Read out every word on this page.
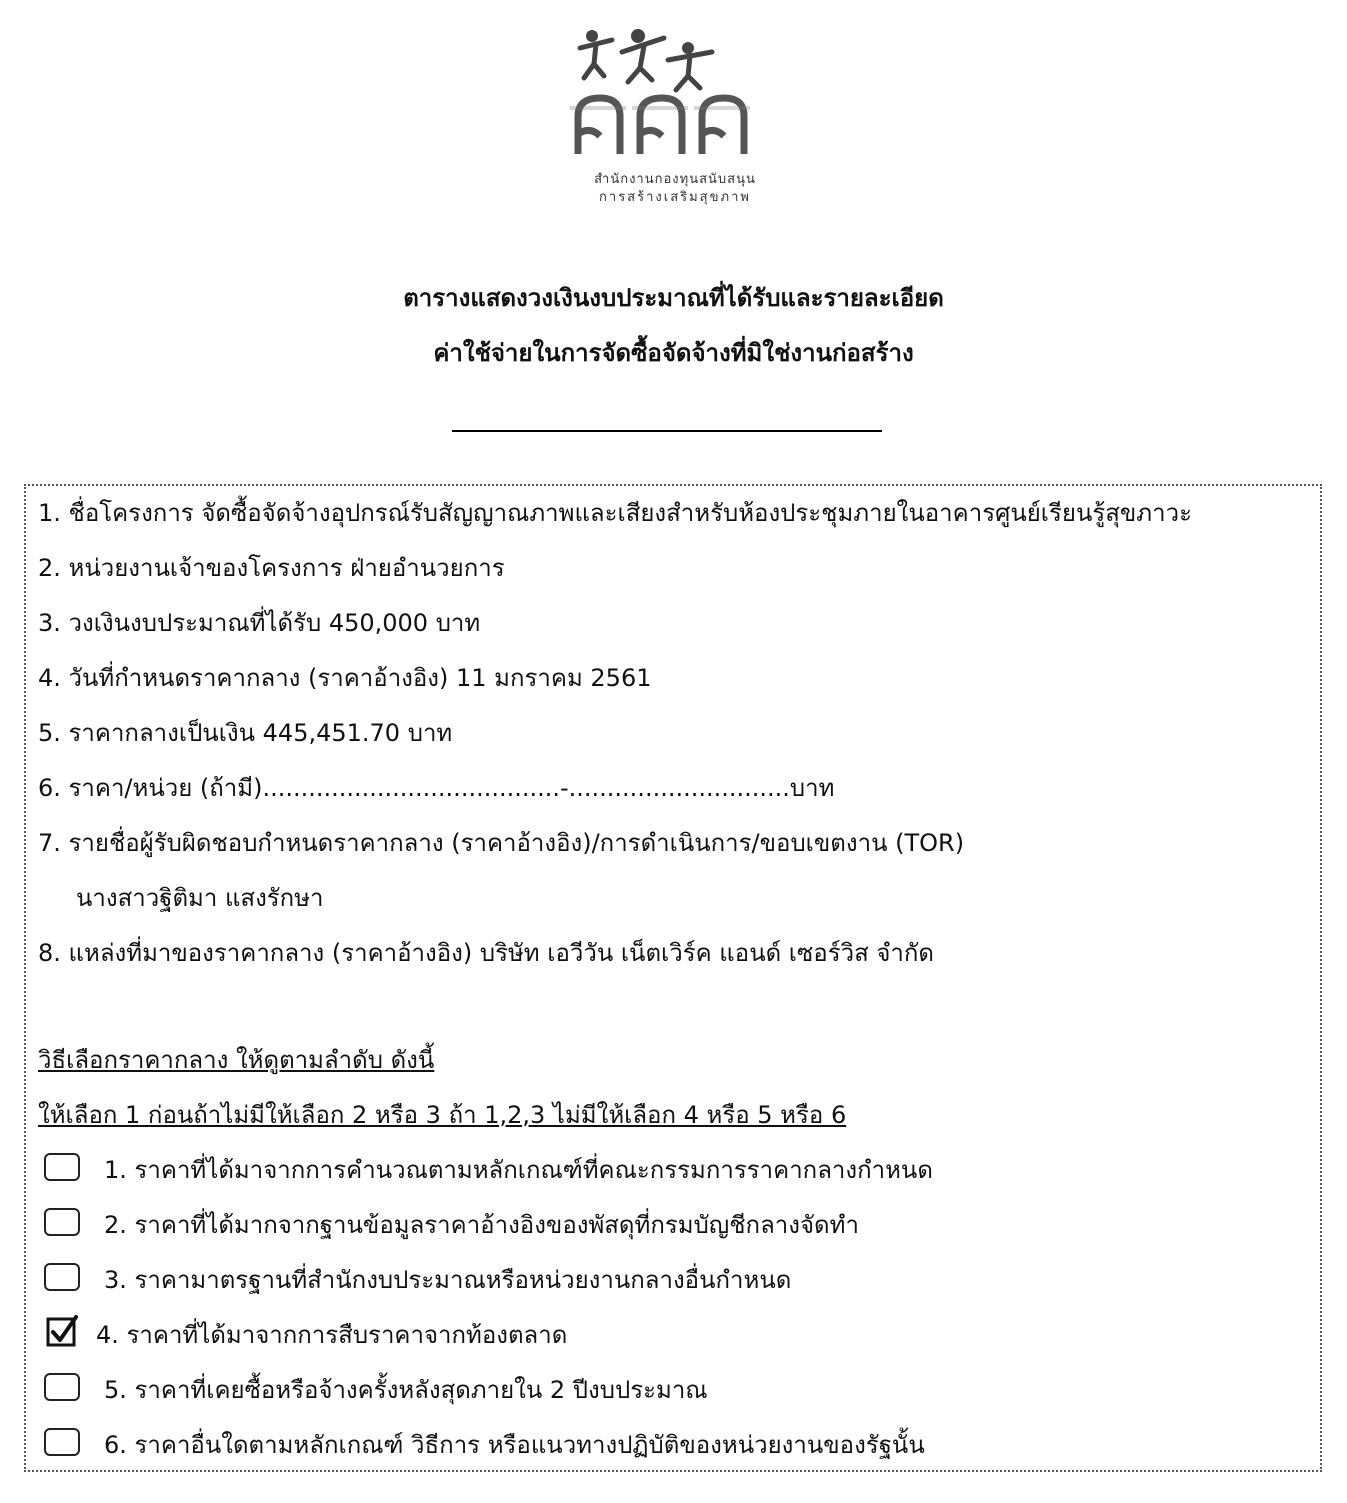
สำนักงานกองทุนสนับสนุน
การสร้างเสริมสุขภาพ
ตารางแสดงวงเงินงบประมาณที่ได้รับและรายละเอียด
ค่าใช้จ่ายในการจัดซื้อจัดจ้างที่มิใช่งานก่อสร้าง
1. ชื่อโครงการ จัดซื้อจัดจ้างอุปกรณ์รับสัญญาณภาพและเสียงสำหรับห้องประชุมภายในอาคารศูนย์เรียนรู้สุขภาวะ
2. หน่วยงานเจ้าของโครงการ ฝ่ายอำนวยการ
3. วงเงินงบประมาณที่ได้รับ 450,000 บาท
4. วันที่กำหนดราคากลาง (ราคาอ้างอิง) 11 มกราคม 2561
5. ราคากลางเป็นเงิน 445,451.70 บาท
6. ราคา/หน่วย (ถ้ามี).......................................-.............................บาท
7. รายชื่อผู้รับผิดชอบกำหนดราคากลาง (ราคาอ้างอิง)/การดำเนินการ/ขอบเขตงาน (TOR)
นางสาวฐิติมา แสงรักษา
8. แหล่งที่มาของราคากลาง (ราคาอ้างอิง) บริษัท เอวีวัน เน็ตเวิร์ค แอนด์ เซอร์วิส จำกัด
วิธีเลือกราคากลาง ให้ดูตามลำดับ ดังนี้
ให้เลือก 1 ก่อนถ้าไม่มีให้เลือก 2 หรือ 3 ถ้า 1,2,3 ไม่มีให้เลือก 4 หรือ 5 หรือ 6
1. ราคาที่ได้มาจากการคำนวณตามหลักเกณฑ์ที่คณะกรรมการราคากลางกำหนด
2. ราคาที่ได้มากจากฐานข้อมูลราคาอ้างอิงของพัสดุที่กรมบัญชีกลางจัดทำ
3. ราคามาตรฐานที่สำนักงบประมาณหรือหน่วยงานกลางอื่นกำหนด
4. ราคาที่ได้มาจากการสืบราคาจากท้องตลาด
5. ราคาที่เคยซื้อหรือจ้างครั้งหลังสุดภายใน 2 ปีงบประมาณ
6. ราคาอื่นใดตามหลักเกณฑ์ วิธีการ หรือแนวทางปฏิบัติของหน่วยงานของรัฐนั้น
